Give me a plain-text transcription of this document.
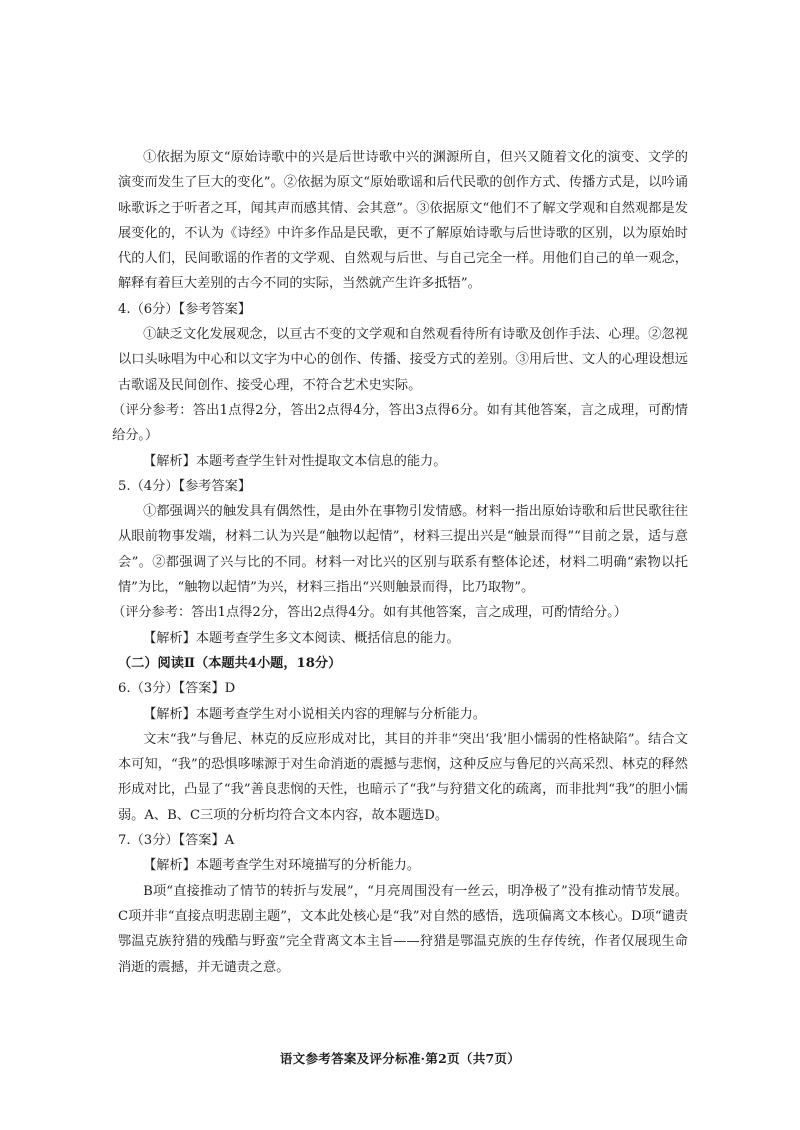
①依据为原文“原始诗歌中的兴是后世诗歌中兴的渊源所自，但兴又随着文化的演变、文学的演变而发生了巨大的变化”。②依据为原文“原始歌谣和后代民歌的创作方式、传播方式是，以吟诵咏歌诉之于听者之耳，闻其声而感其情、会其意”。③依据原文“他们不了解文学观和自然观都是发展变化的，不认为《诗经》中许多作品是民歌，更不了解原始诗歌与后世诗歌的区别，以为原始时代的人们，民间歌谣的作者的文学观、自然观与后世、与自己完全一样。用他们自己的单一观念，解释有着巨大差别的古今不同的实际，当然就产生许多抵牾”。

4.（6分）【参考答案】

①缺乏文化发展观念，以亘古不变的文学观和自然观看待所有诗歌及创作手法、心理。②忽视以口头咏唱为中心和以文字为中心的创作、传播、接受方式的差别。③用后世、文人的心理设想远古歌谣及民间创作、接受心理，不符合艺术史实际。

（评分参考：答出1点得2分，答出2点得4分，答出3点得6分。如有其他答案，言之成理，可酌情给分。）

【解析】本题考查学生针对性提取文本信息的能力。

5.（4分）【参考答案】

①都强调兴的触发具有偶然性，是由外在事物引发情感。材料一指出原始诗歌和后世民歌往往从眼前物事发端，材料二认为兴是“触物以起情”，材料三提出兴是“触景而得”“目前之景，适与意会”。②都强调了兴与比的不同。材料一对比兴的区别与联系有整体论述，材料二明确“索物以托情”为比，“触物以起情”为兴，材料三指出“兴则触景而得，比乃取物”。

（评分参考：答出1点得2分，答出2点得4分。如有其他答案，言之成理，可酌情给分。）

【解析】本题考查学生多文本阅读、概括信息的能力。

（二）阅读Ⅱ（本题共4小题，18分）

6.（3分）【答案】D

【解析】本题考查学生对小说相关内容的理解与分析能力。

文末“我”与鲁尼、林克的反应形成对比，其目的并非“突出‘我’胆小懦弱的性格缺陷”。结合文本可知，“我”的恐惧哆嗦源于对生命消逝的震撼与悲悯，这种反应与鲁尼的兴高采烈、林克的释然形成对比，凸显了“我”善良悲悯的天性，也暗示了“我”与狩猎文化的疏离，而非批判“我”的胆小懦弱。A、B、C三项的分析均符合文本内容，故本题选D。

7.（3分）【答案】A

【解析】本题考查学生对环境描写的分析能力。

B项“直接推动了情节的转折与发展”，“月亮周围没有一丝云，明净极了”没有推动情节发展。C项并非“直接点明悲剧主题”，文本此处核心是“我”对自然的感悟，选项偏离文本核心。D项“谴责鄂温克族狩猎的残酷与野蛮”完全背离文本主旨——狩猎是鄂温克族的生存传统，作者仅展现生命消逝的震撼，并无谴责之意。

语文参考答案及评分标准·第2页（共7页）
